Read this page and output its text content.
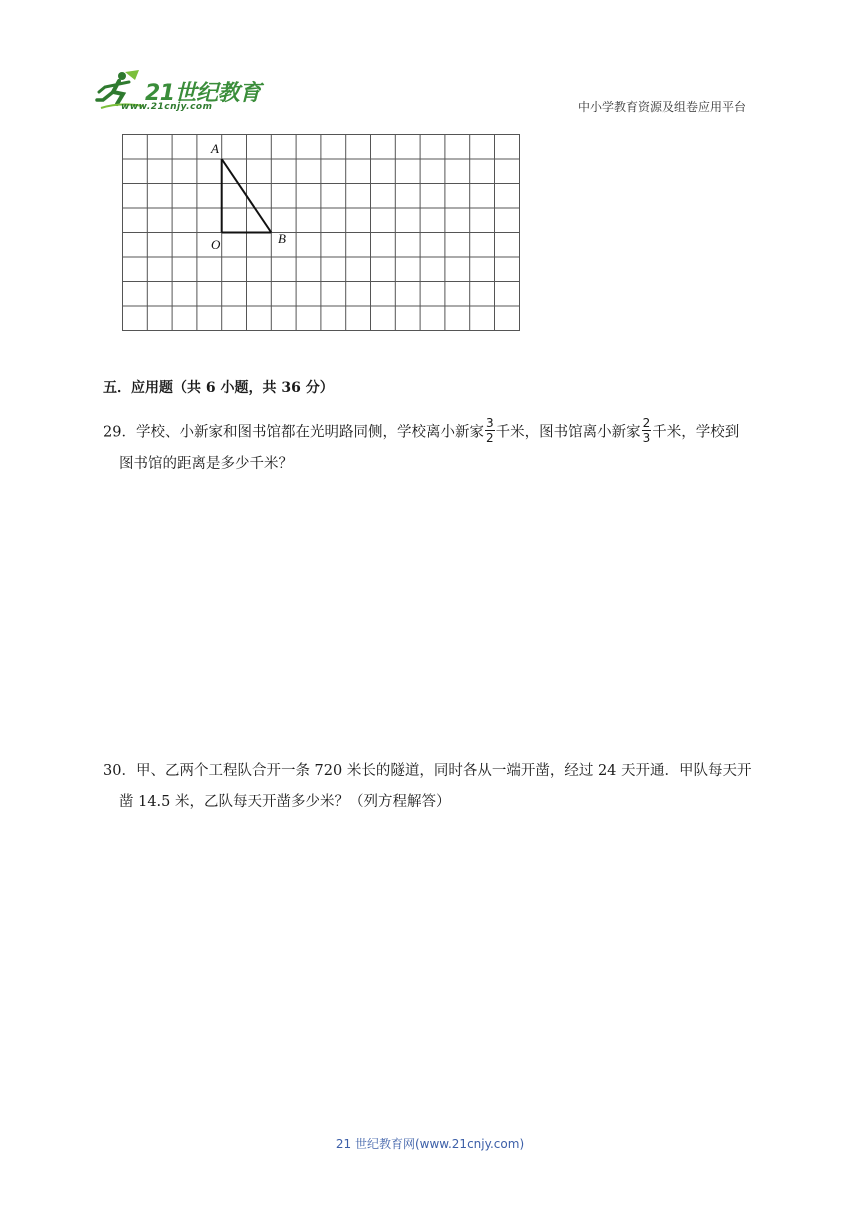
21世纪教育
www.21cnjy.com	中小学教育资源及组卷应用平台
A
O	B
五．应用题（共 6 小题，共 36 分）
29．学校、小新家和图书馆都在光明路同侧，学校离小新家 $\frac{3}{2}$ 千米，图书馆离小新家 $\frac{2}{3}$ 千米，学校到
图书馆的距离是多少千米？
30．甲、乙两个工程队合开一条 720 米长的隧道，同时各从一端开凿，经过 24 天开通．甲队每天开
凿 14.5 米，乙队每天开凿多少米？（列方程解答）
21 世纪教育网(www.21cnjy.com)
